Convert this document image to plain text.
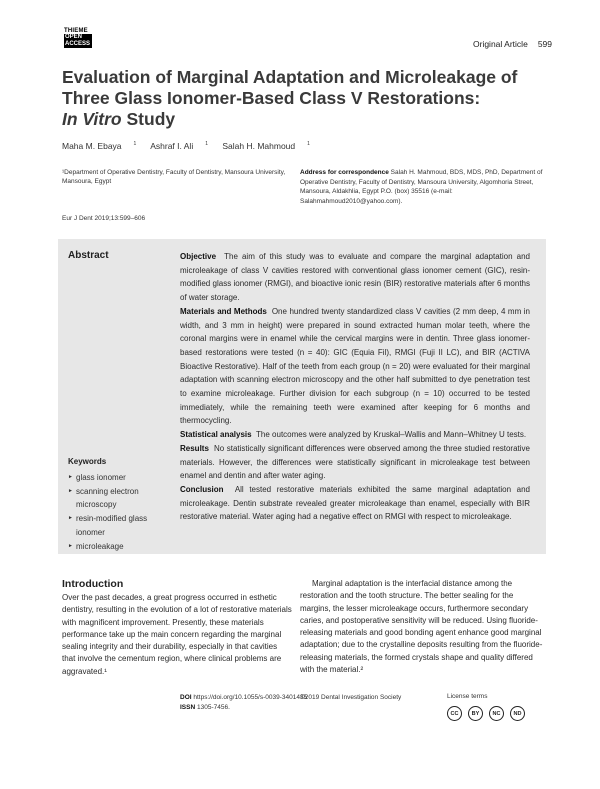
THIEME
OPEN
ACCESS	Original Article 599
Evaluation of Marginal Adaptation and Microleakage of Three Glass Ionomer-Based Class V Restorations:
In Vitro Study
Maha M. Ebaya $^1$ Ashraf I. Ali $^1$ Salah H. Mahmoud $^1$
¹Department of Operative Dentistry, Faculty of Dentistry, Mansoura University, Mansoura, Egypt
Address for correspondence Salah H. Mahmoud, BDS, MDS, PhD, Department of Operative Dentistry, Faculty of Dentistry, Mansoura University, Algomhoria Street, Mansoura, Aldakhlia, Egypt P.O. (box) 35516 (e-mail: Salahmahmoud2010@yahoo.com).
Eur J Dent 2019;13:599–606
Abstract	Objective The aim of this study was to evaluate and compare the marginal adaptation and microleakage of class V cavities restored with conventional glass ionomer cement (GIC), resin-modified glass ionomer (RMGI), and bioactive ionic resin (BIR) restorative materials after 6 months of water storage.

Materials and Methods One hundred twenty standardized class V cavities (2 mm deep, 4 mm in width, and 3 mm in height) were prepared in sound extracted human molar teeth, where the coronal margins were in enamel while the cervical margins were in dentin. Three glass ionomer-based restorations were tested (n = 40): GIC (Equia Fil), RMGI (Fuji II LC), and BIR (ACTIVA Bioactive Restorative). Half of the teeth from each group (n = 20) were evaluated for their marginal adaptation with scanning electron microscopy and the other half submitted to dye penetration test to examine microleakage. Further division for each subgroup (n = 10) occurred to be tested immediately, while the remaining teeth were examined after keeping for 6 months and thermocycling.

Statistical analysis The outcomes were analyzed by Kruskal–Wallis and Mann–Whitney U tests.

Results No statistically significant differences were observed among the three studied restorative materials. However, the differences were statistically significant in microleakage test between enamel and dentin and after water aging.

Conclusion All tested restorative materials exhibited the same marginal adaptation and microleakage. Dentin substrate revealed greater microleakage than enamel, especially with BIR restorative material. Water aging had a negative effect on RMGI with respect to microleakage.

Keywords
► glass ionomer
► scanning electron microscopy
► resin-modified glass ionomer
► microleakage
Introduction

Over the past decades, a great progress occurred in esthetic dentistry, resulting in the evolution of a lot of restorative materials with magnificent improvement. Presently, these materials performance take up the main concern regarding the marginal sealing integrity and their durability, especially in that cavities that involve the cementum region, where clinical problems are aggravated.¹

Marginal adaptation is the interfacial distance among the restoration and the tooth structure. The better sealing for the margins, the lesser microleakage occurs, furthermore secondary caries, and postoperative sensitivity will be reduced. Using fluoride-releasing materials and good bonding agent enhance good marginal adaptation; due to the crystalline deposits resulting from the fluoride-releasing materials, the formed crystals shape and quality differed with the material.²

DOI https://doi.org/10.1055/s-0039-3401435
ISSN 1305-7456.
©2019 Dental Investigation Society	License terms
CC	BY	NC	ND
